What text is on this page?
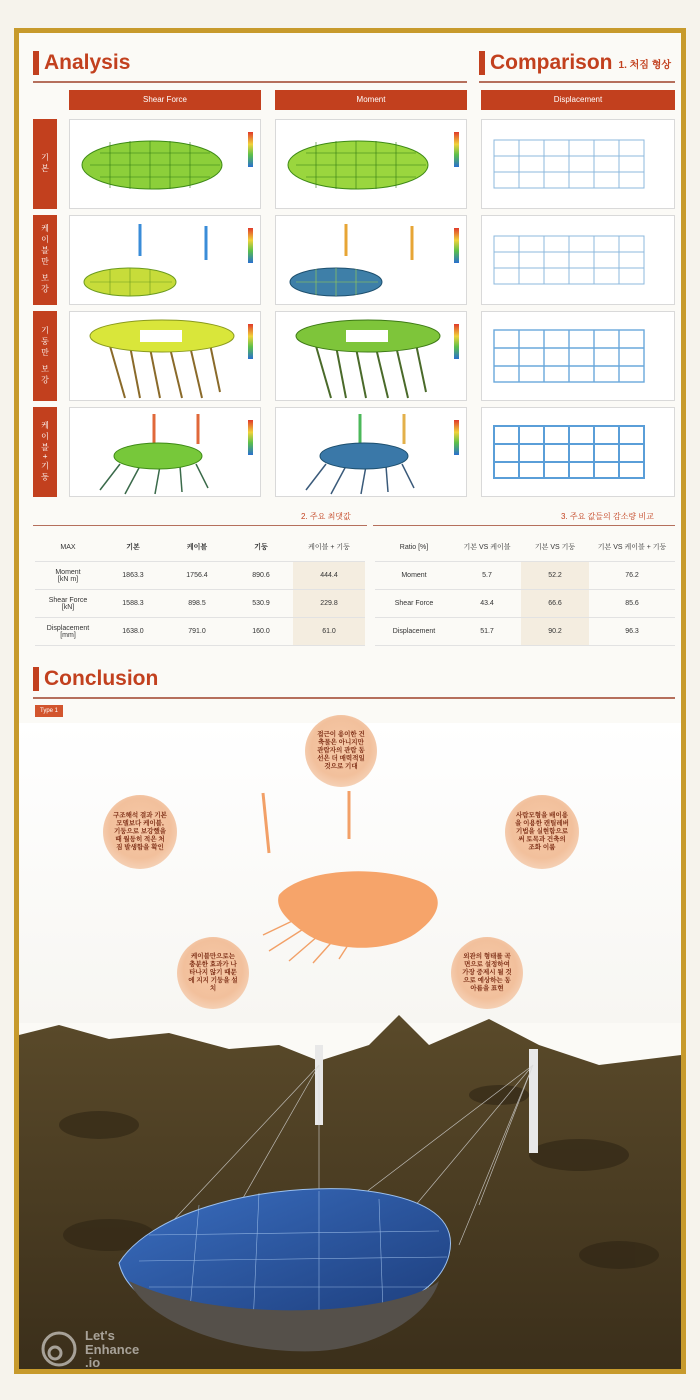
Analysis	Comparison 1. 처짐 형상
Shear Force	Moment	Displacement
기본
케이블만 보강
기둥만 보강
케이블+기둥
2. 주요 최댓값	3. 주요 값들의 감소량 비교
MAX	기본	케이블	기둥	케이블 + 기둥
Moment
[kN m]	1863.3	1756.4	890.6	444.4
Shear Force
[kN]	1588.3	898.5	530.9	229.8
Displacement
[mm]	1638.0	791.0	160.0	61.0
Ratio [%]	기본 VS 케이블	기본 VS 기둥	기본 VS 케이블 + 기둥
Moment	5.7	52.2	76.2
Shear Force	43.4	66.6	85.6
Displacement	51.7	90.2	96.3
Conclusion
Type 1
접근이 용이한 건축물은 아니지만 관람자의 관람 동선은 더 매력적일 것으로 기대
구조해석 결과 기본 모델보다 케이블, 기둥으로 보강했을 때 월등히 적은 처짐 발생함을 확인
사람모형을 배이용을 이용한 캔틸레버 기법을 실현함으로써 토목과 건축의 조화 이룸
케이블만으로는 충분한 효과가 나타나지 않기 때문에 지지 기둥을 설치
외관의 형태를 곡면으로 설정하여 가장 중제시 될 것으로 예상하는 동아름을 표현
Let's
Enhance
.io
